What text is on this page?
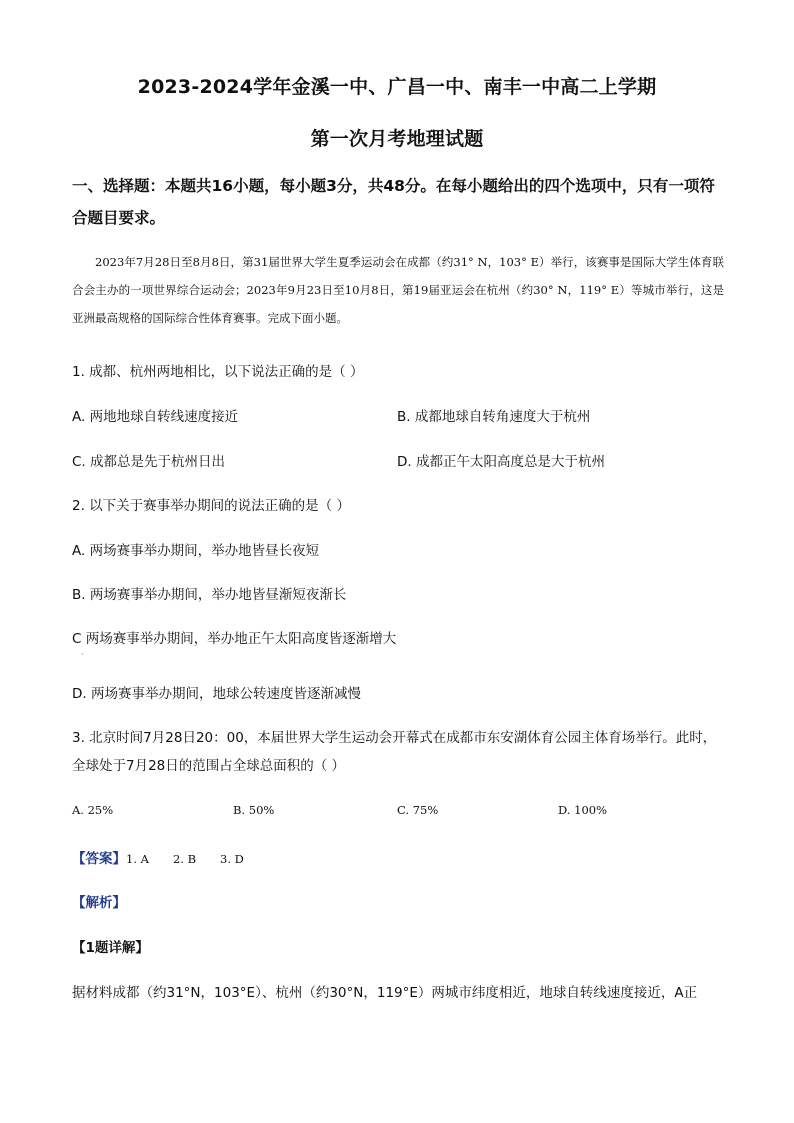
2023-2024学年金溪一中、广昌一中、南丰一中高二上学期
第一次月考地理试题
一、选择题：本题共16小题，每小题3分，共48分。在每小题给出的四个选项中，只有一项符合题目要求。
2023年7月28日至8月8日，第31届世界大学生夏季运动会在成都（约31° N，103° E）举行，该赛事是国际大学生体育联合会主办的一项世界综合运动会；2023年9月23日至10月8日，第19届亚运会在杭州（约30° N，119° E）等城市举行，这是亚洲最高规格的国际综合性体育赛事。完成下面小题。
1. 成都、杭州两地相比，以下说法正确的是（ ）
A. 两地地球自转线速度接近	B. 成都地球自转角速度大于杭州
C. 成都总是先于杭州日出	D. 成都正午太阳高度总是大于杭州
2. 以下关于赛事举办期间的说法正确的是（ ）
A. 两场赛事举办期间，举办地皆昼长夜短
B. 两场赛事举办期间，举办地皆昼渐短夜渐长
C 两场赛事举办期间，举办地正午太阳高度皆逐渐增大
·
D. 两场赛事举办期间，地球公转速度皆逐渐减慢
3. 北京时间7月28日20：00，本届世界大学生运动会开幕式在成都市东安湖体育公园主体育场举行。此时，全球处于7月28日的范围占全球总面积的（ ）
A. 25%	B. 50%	C. 75%	D. 100%
【答案】1. A 2. B 3. D
【解析】
【1题详解】
据材料成都（约31°N，103°E）、杭州（约30°N，119°E）两城市纬度相近，地球自转线速度接近，A正
